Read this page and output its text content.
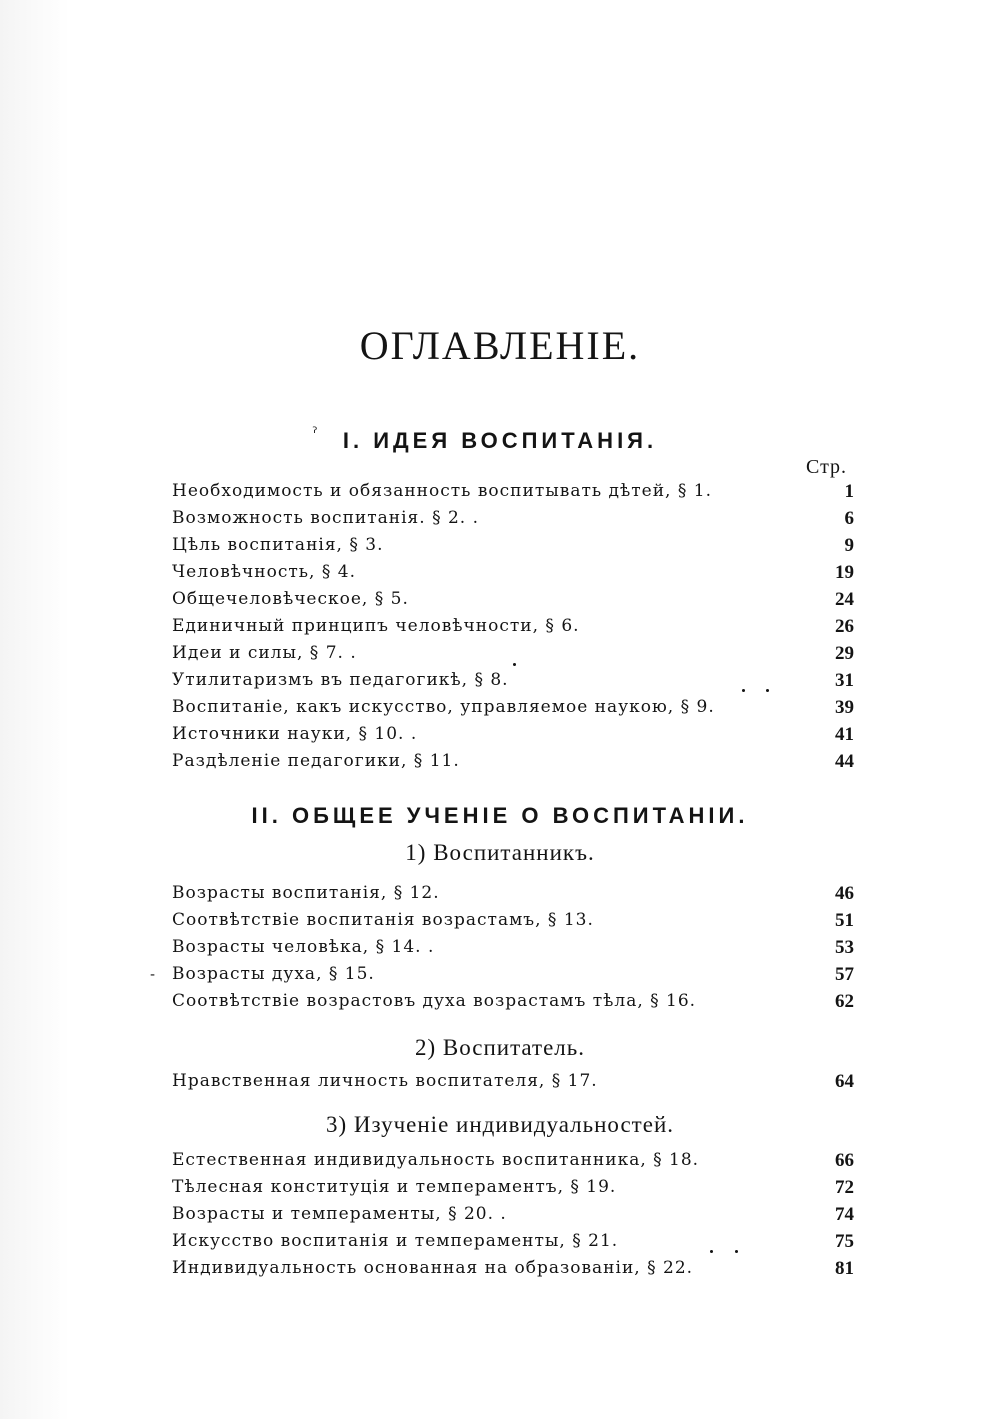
ОГЛАВЛЕНІЕ.
ˀ	I. ИДЕЯ ВОСПИТАНІЯ.
Стр.
Необходимость и обязанность воспитывать дѣтей, § 1.	1
Возможность воспитанія. § 2. .	6
Цѣль воспитанія, § 3.	9
Человѣчность, § 4.	19
Общечеловѣческое, § 5.	24
Единичный принципъ человѣчности, § 6.	26
Идеи и силы, § 7. .	29
Утилитаризмъ въ педагогикѣ, § 8.	31
Воспитаніе, какъ искусство, управляемое наукою, § 9.	39
Источники науки, § 10. .	41
Раздѣленіе педагогики, § 11.	44
II. ОБЩЕЕ УЧЕНІЕ О ВОСПИТАНІИ.
1) Воспитанникъ.
Возрасты воспитанія, § 12.	46
Соотвѣтствіе воспитанія возрастамъ, § 13.	51
Возрасты человѣка, § 14. .	53
- Возрасты духа, § 15.	57
Соотвѣтствіе возрастовъ духа возрастамъ тѣла, § 16.	62
2) Воспитатель.
Нравственная личность воспитателя, § 17.	64
3) Изученіе индивидуальностей.
Естественная индивидуальность воспитанника, § 18.	66
Тѣлесная конституція и темпераментъ, § 19.	72
Возрасты и темпераменты, § 20. .	74
Искусство воспитанія и темпераменты, § 21.	75
Индивидуальность основанная на образованіи, § 22.	81
